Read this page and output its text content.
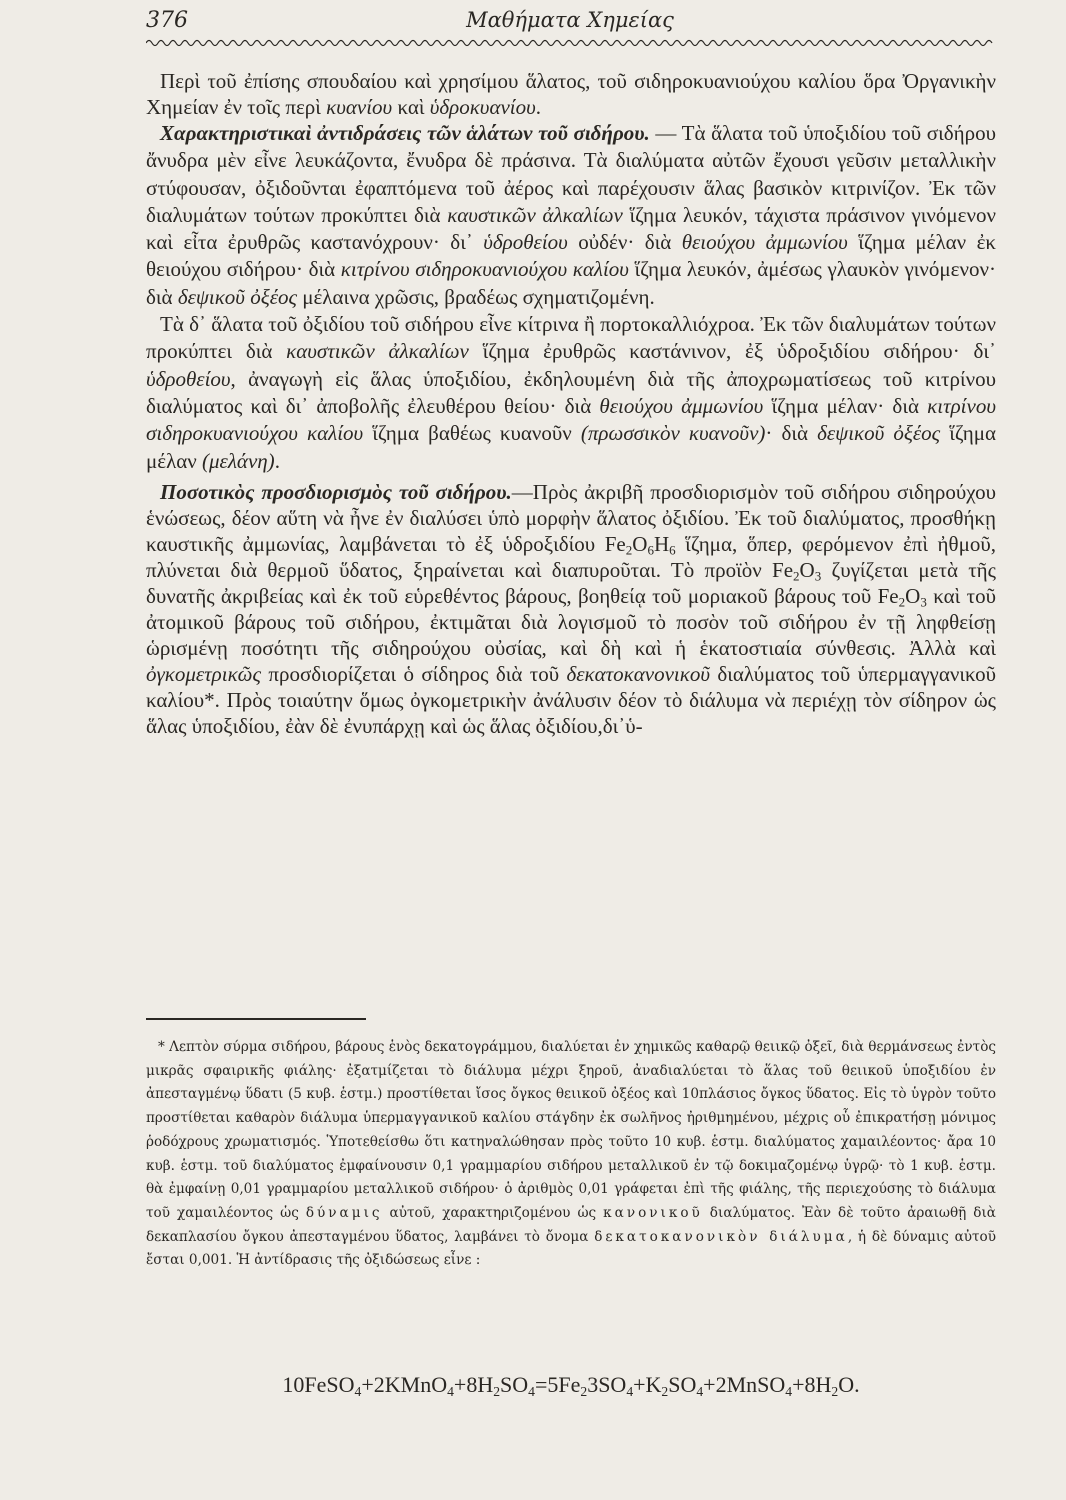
376	Μαθήματα Χημείας

Περὶ τοῦ ἐπίσης σπουδαίου καὶ χρησίμου ἅλατος, τοῦ σιδηροκυανιούχου καλίου ὅρα Ὀργανικὴν Χημείαν ἐν τοῖς περὶ κυανίου καὶ ὑδροκυανίου.

Χαρακτηριστικαὶ ἀντιδράσεις τῶν ἁλάτων τοῦ σιδήρου. — Τὰ ἅλατα τοῦ ὑποξιδίου τοῦ σιδήρου ἄνυδρα μὲν εἶνε λευκάζοντα, ἔνυδρα δὲ πράσινα. Τὰ διαλύματα αὐτῶν ἔχουσι γεῦσιν μεταλλικὴν στύφουσαν, ὀξιδοῦνται ἐφαπτόμενα τοῦ ἀέρος καὶ παρέχουσιν ἅλας βασικὸν κιτρινίζον. Ἐκ τῶν διαλυμάτων τούτων προκύπτει διὰ καυστικῶν ἀλκαλίων ἵζημα λευκόν, τάχιστα πράσινον γινόμενον καὶ εἶτα ἐρυθρῶς καστανόχρουν· δι᾽ ὑδροθείου οὐδέν· διὰ θειούχου ἀμμωνίου ἵζημα μέλαν ἐκ θειούχου σιδήρου· διὰ κιτρίνου σιδηροκυανιούχου καλίου ἵζημα λευκόν, ἀμέσως γλαυκὸν γινόμενον· διὰ δεψικοῦ ὀξέος μέλαινα χρῶσις, βραδέως σχηματιζομένη.

Τὰ δ᾽ ἅλατα τοῦ ὀξιδίου τοῦ σιδήρου εἶνε κίτρινα ἢ πορτοκαλλιόχροα. Ἐκ τῶν διαλυμάτων τούτων προκύπτει διὰ καυστικῶν ἀλκαλίων ἵζημα ἐρυθρῶς καστάνινον, ἐξ ὑδροξιδίου σιδήρου· δι᾽ ὑδροθείου, ἀναγωγὴ εἰς ἅλας ὑποξιδίου, ἐκδηλουμένη διὰ τῆς ἀποχρωματίσεως τοῦ κιτρίνου διαλύματος καὶ δι᾽ ἀποβολῆς ἐλευθέρου θείου· διὰ θειούχου ἀμμωνίου ἵζημα μέλαν· διὰ κιτρίνου σιδηροκυανιούχου καλίου ἵζημα βαθέως κυανοῦν (πρωσσικὸν κυανοῦν)· διὰ δεψικοῦ ὀξέος ἵζημα μέλαν (μελάνη).

Ποσοτικὸς προσδιορισμὸς τοῦ σιδήρου.—Πρὸς ἀκριβῆ προσδιορισμὸν τοῦ σιδήρου σιδηρούχου ἑνώσεως, δέον αὕτη νὰ ἦνε ἐν διαλύσει ὑπὸ μορφὴν ἅλατος ὀξιδίου. Ἐκ τοῦ διαλύματος, προσθήκῃ καυστικῆς ἀμμωνίας, λαμβάνεται τὸ ἐξ ὑδροξιδίου $Fe_2O_6H_6$ ἵζημα, ὅπερ, φερόμενον ἐπὶ ἠθμοῦ, πλύνεται διὰ θερμοῦ ὕδατος, ξηραίνεται καὶ διαπυροῦται. Τὸ προϊὸν $Fe_2O_3$ ζυγίζεται μετὰ τῆς δυνατῆς ἀκριβείας καὶ ἐκ τοῦ εὑρεθέντος βάρους, βοηθείᾳ τοῦ μοριακοῦ βάρους τοῦ $Fe_2O_3$ καὶ τοῦ ἀτομικοῦ βάρους τοῦ σιδήρου, ἐκτιμᾶται διὰ λογισμοῦ τὸ ποσὸν τοῦ σιδήρου ἐν τῇ ληφθείσῃ ὡρισμένῃ ποσότητι τῆς σιδηρούχου οὐσίας, καὶ δὴ καὶ ἡ ἑκατοστιαία σύνθεσις. Ἀλλὰ καὶ ὀγκομετρικῶς προσδιορίζεται ὁ σίδηρος διὰ τοῦ δεκατοκανονικοῦ διαλύματος τοῦ ὑπερμαγγανικοῦ καλίου*. Πρὸς τοιαύτην ὅμως ὀγκομετρικὴν ἀνάλυσιν δέον τὸ διάλυμα νὰ περιέχῃ τὸν σίδηρον ὡς ἅλας ὑποξιδίου, ἐὰν δὲ ἐνυπάρχῃ καὶ ὡς ἅλας ὀξιδίου,δι᾽ὑ-

* Λεπτὸν σύρμα σιδήρου, βάρους ἑνὸς δεκατογράμμου, διαλύεται ἐν χημικῶς καθαρῷ θειικῷ ὀξεῖ, διὰ θερμάνσεως ἐντὸς μικρᾶς σφαιρικῆς φιάλης· ἐξατμίζεται τὸ διάλυμα μέχρι ξηροῦ, ἀναδιαλύεται τὸ ἅλας τοῦ θειικοῦ ὑποξιδίου ἐν ἀπεσταγμένῳ ὕδατι (5 κυβ. ἑστμ.) προστίθεται ἴσος ὄγκος θειικοῦ ὀξέος καὶ 10πλάσιος ὄγκος ὕδατος. Εἰς τὸ ὑγρὸν τοῦτο προστίθεται καθαρὸν διάλυμα ὑπερμαγγανικοῦ καλίου στάγδην ἐκ σωλῆνος ἠριθμημένου, μέχρις οὗ ἐπικρατήσῃ μόνιμος ῥοδόχρους χρωματισμός. Ὑποτεθείσθω ὅτι κατηναλώθησαν πρὸς τοῦτο 10 κυβ. ἑστμ. διαλύματος χαμαιλέοντος· ἄρα 10 κυβ. ἑστμ. τοῦ διαλύματος ἐμφαίνουσιν 0,1 γραμμαρίου σιδήρου μεταλλικοῦ ἐν τῷ δοκιμαζομένῳ ὑγρῷ· τὸ 1 κυβ. ἑστμ. θὰ ἐμφαίνῃ 0,01 γραμμαρίου μεταλλικοῦ σιδήρου· ὁ ἀριθμὸς 0,01 γράφεται ἐπὶ τῆς φιάλης, τῆς περιεχούσης τὸ διάλυμα τοῦ χαμαιλέοντος ὡς δύναμις αὐτοῦ, χαρακτηριζομένου ὡς κανονικοῦ διαλύματος. Ἐὰν δὲ τοῦτο ἀραιωθῇ διὰ δεκαπλασίου ὄγκου ἀπεσταγμένου ὕδατος, λαμβάνει τὸ ὄνομα δεκατοκανονικὸν διάλυμα, ἡ δὲ δύναμις αὐτοῦ ἔσται 0,001. Ἡ ἀντίδρασις τῆς ὀξιδώσεως εἶνε :

$10FeSO_4+2KMnO_4+8H_2SO_4=5Fe_23SO_4+K_2SO_4+2MnSO_4+8H_2O$.
